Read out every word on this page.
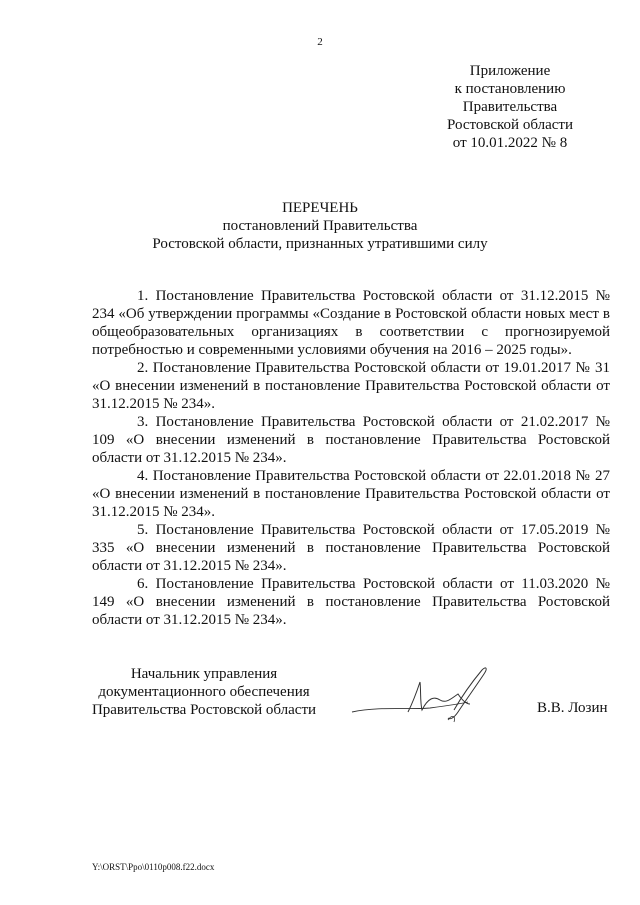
2
Приложение
к постановлению
Правительства
Ростовской области
от 10.01.2022 № 8
ПЕРЕЧЕНЬ
постановлений Правительства
Ростовской области, признанных утратившими силу

1. Постановление Правительства Ростовской области от 31.12.2015 № 234 «Об утверждении программы «Создание в Ростовской области новых мест в общеобразовательных организациях в соответствии с прогнозируемой потребностью и современными условиями обучения на 2016 – 2025 годы».

2. Постановление Правительства Ростовской области от 19.01.2017 № 31 «О внесении изменений в постановление Правительства Ростовской области от 31.12.2015 № 234».

3. Постановление Правительства Ростовской области от 21.02.2017 № 109 «О внесении изменений в постановление Правительства Ростовской области от 31.12.2015 № 234».

4. Постановление Правительства Ростовской области от 22.01.2018 № 27 «О внесении изменений в постановление Правительства Ростовской области от 31.12.2015 № 234».

5. Постановление Правительства Ростовской области от 17.05.2019 № 335 «О внесении изменений в постановление Правительства Ростовской области от 31.12.2015 № 234».

6. Постановление Правительства Ростовской области от 11.03.2020 № 149 «О внесении изменений в постановление Правительства Ростовской области от 31.12.2015 № 234».

Начальник управления
документационного обеспечения
Правительства Ростовской области	В.В. Лозин
Y:\ORST\Ppo\0110p008.f22.docx
